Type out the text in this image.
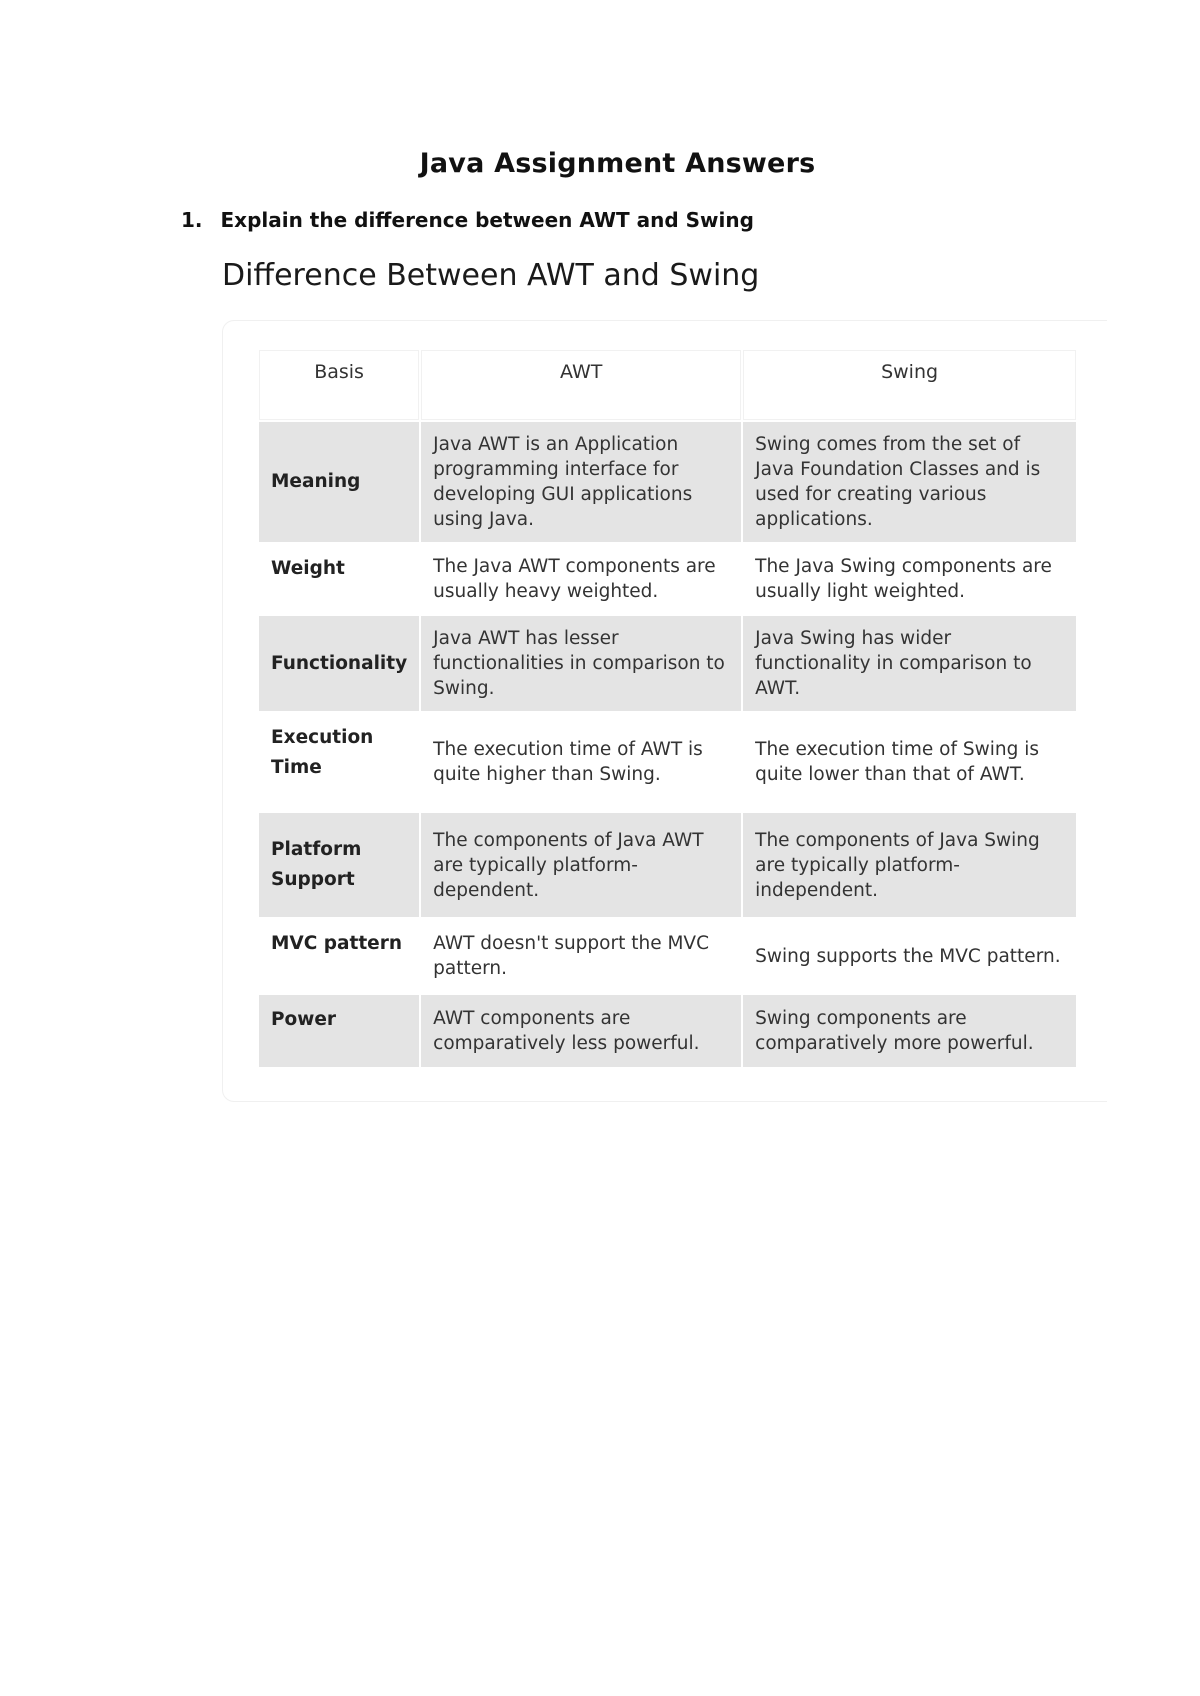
Java Assignment Answers
1. Explain the difference between AWT and Swing
Difference Between AWT and Swing
Basis	AWT	Swing
Meaning	Java AWT is an Application programming interface for developing GUI applications using Java.	Swing comes from the set of Java Foundation Classes and is used for creating various applications.
Weight	The Java AWT components are usually heavy weighted.	The Java Swing components are usually light weighted.
Functionality	Java AWT has lesser functionalities in comparison to Swing.	Java Swing has wider functionality in comparison to AWT.
Execution Time	The execution time of AWT is quite higher than Swing.	The execution time of Swing is quite lower than that of AWT.
Platform Support	The components of Java AWT are typically platform-dependent.	The components of Java Swing are typically platform-independent.
MVC pattern	AWT doesn't support the MVC pattern.	Swing supports the MVC pattern.
Power	AWT components are comparatively less powerful.	Swing components are comparatively more powerful.
